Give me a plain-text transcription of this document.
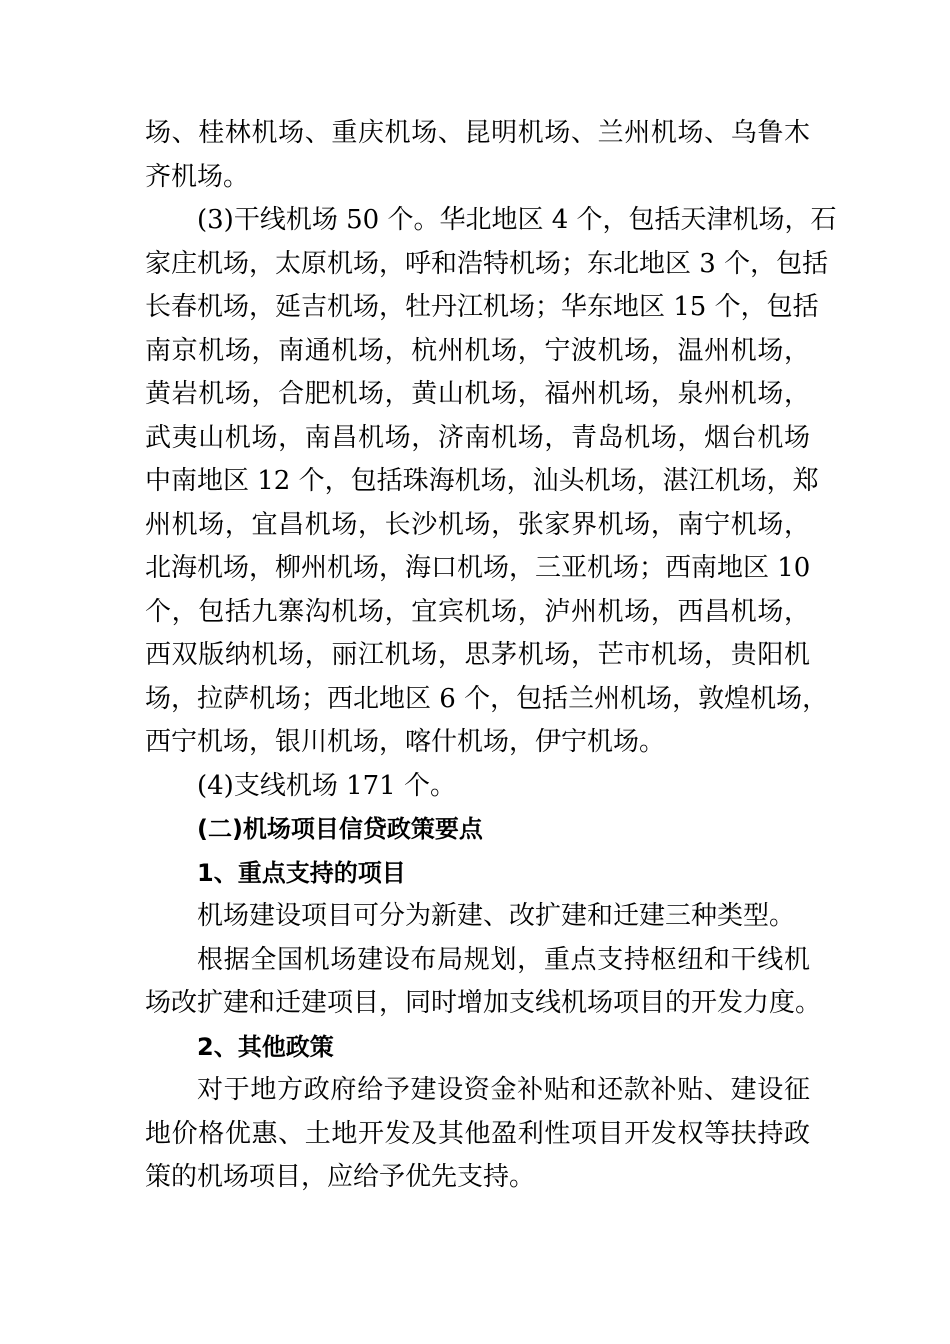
场、桂林机场、重庆机场、昆明机场、兰州机场、乌鲁木
齐机场。
(3)干线机场 50 个。华北地区 4 个，包括天津机场，石
家庄机场，太原机场，呼和浩特机场；东北地区 3 个，包括
长春机场，延吉机场，牡丹江机场；华东地区 15 个，包括
南京机场，南通机场，杭州机场，宁波机场，温州机场，
黄岩机场，合肥机场，黄山机场，福州机场，泉州机场，
武夷山机场，南昌机场，济南机场，青岛机场，烟台机场
中南地区 12 个，包括珠海机场，汕头机场，湛江机场，郑
州机场，宜昌机场，长沙机场，张家界机场，南宁机场，
北海机场，柳州机场，海口机场，三亚机场；西南地区 10
个，包括九寨沟机场，宜宾机场，泸州机场，西昌机场，
西双版纳机场，丽江机场，思茅机场，芒市机场，贵阳机
场，拉萨机场；西北地区 6 个，包括兰州机场，敦煌机场，
西宁机场，银川机场，喀什机场，伊宁机场。
(4)支线机场 171 个。
(二)机场项目信贷政策要点
1、重点支持的项目
机场建设项目可分为新建、改扩建和迁建三种类型。
根据全国机场建设布局规划，重点支持枢纽和干线机
场改扩建和迁建项目，同时增加支线机场项目的开发力度。
2、其他政策
对于地方政府给予建设资金补贴和还款补贴、建设征
地价格优惠、土地开发及其他盈利性项目开发权等扶持政
策的机场项目，应给予优先支持。
